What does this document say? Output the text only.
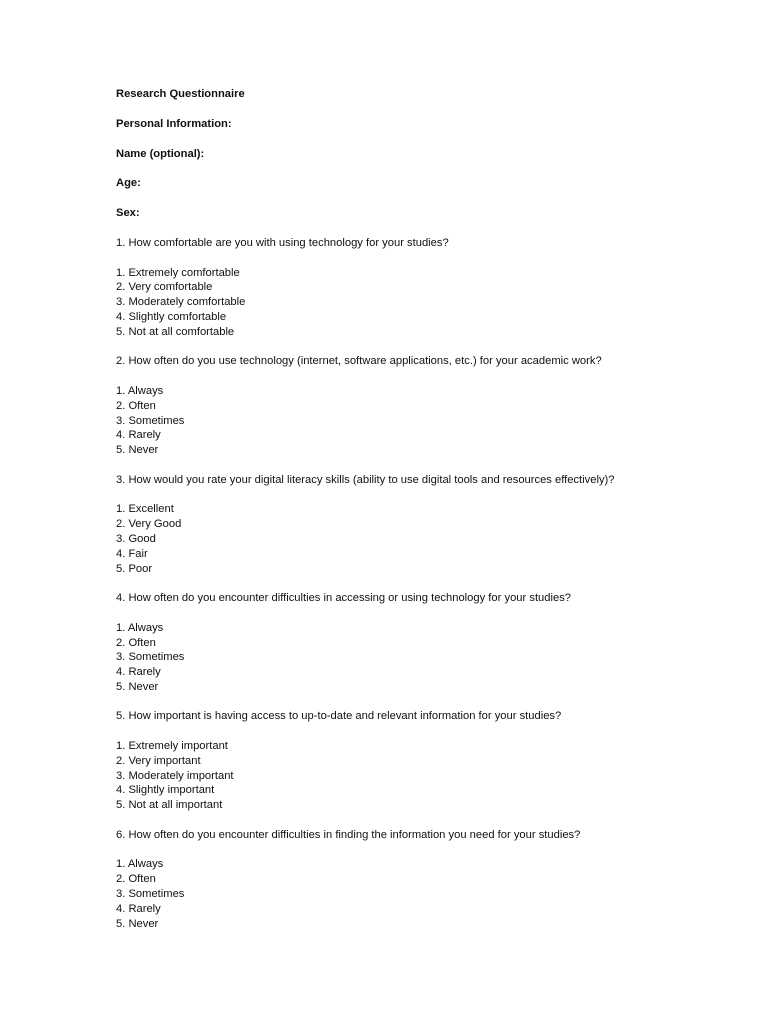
Research Questionnaire
Personal Information:
Name (optional):
Age:
Sex:
1. How comfortable are you with using technology for your studies?
1. Extremely comfortable
2. Very comfortable
3. Moderately comfortable
4. Slightly comfortable
5. Not at all comfortable
2. How often do you use technology (internet, software applications, etc.) for your academic work?
1. Always
2. Often
3. Sometimes
4. Rarely
5. Never
3. How would you rate your digital literacy skills (ability to use digital tools and resources effectively)?
1. Excellent
2. Very Good
3. Good
4. Fair
5. Poor
4. How often do you encounter difficulties in accessing or using technology for your studies?
1. Always
2. Often
3. Sometimes
4. Rarely
5. Never
5. How important is having access to up-to-date and relevant information for your studies?
1. Extremely important
2. Very important
3. Moderately important
4. Slightly important
5. Not at all important
6. How often do you encounter difficulties in finding the information you need for your studies?
1. Always
2. Often
3. Sometimes
4. Rarely
5. Never
